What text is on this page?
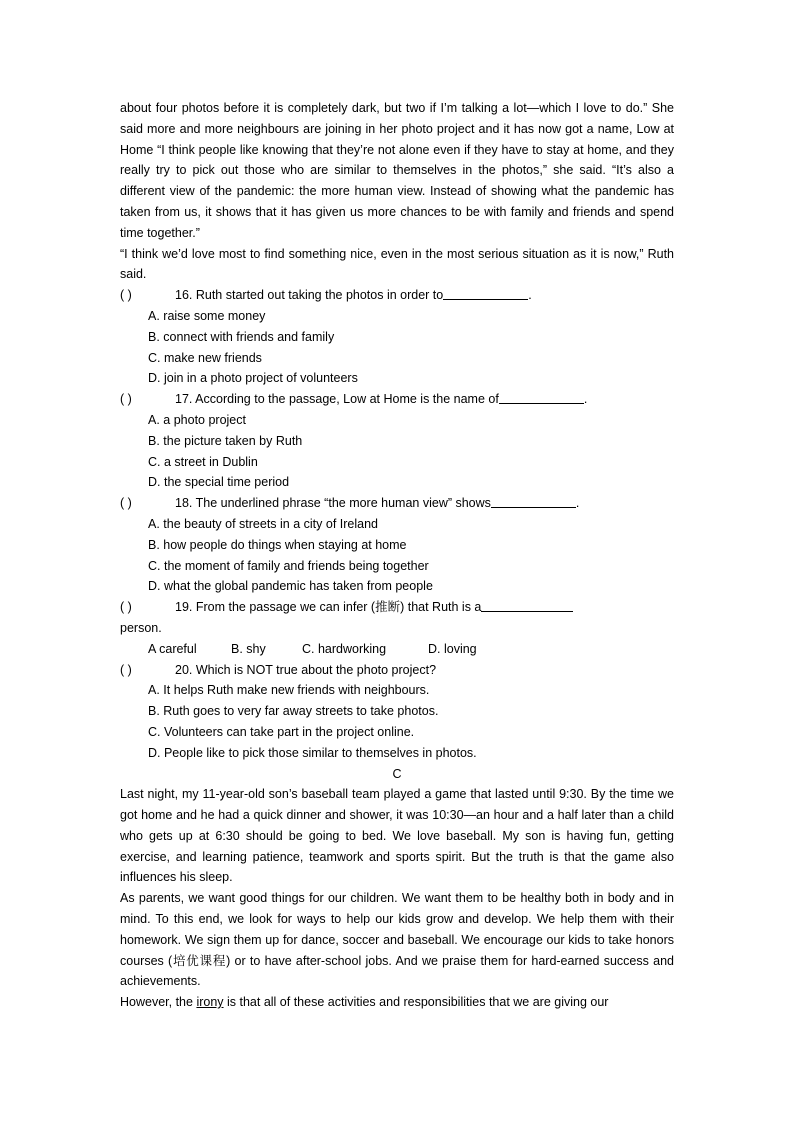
about four photos before it is completely dark, but two if I’m talking a lot—which I love to do.” She said more and more neighbours are joining in her photo project and it has now got a name, Low at Home “I think people like knowing that they’re not alone even if they have to stay at home, and they really try to pick out those who are similar to themselves in the photos,” she said. “It’s also a different view of the pandemic: the more human view. Instead of showing what the pandemic has taken from us, it shows that it has given us more chances to be with family and friends and spend time together.”

“I think we’d love most to find something nice, even in the most serious situation as it is now,” Ruth said.

( )	16. Ruth started out taking the photos in order to	.

A. raise some money

B. connect with friends and family

C. make new friends

D. join in a photo project of volunteers

( )	17. According to the passage, Low at Home is the name of	.

A. a photo project

B. the picture taken by Ruth

C. a street in Dublin

D. the special time period

( )	18. The underlined phrase “the more human view” shows	.

A. the beauty of streets in a city of Ireland

B. how people do things when staying at home

C. the moment of family and friends being together

D. what the global pandemic has taken from people

( )	19. From the passage we can infer (推断) that Ruth is a

person.

A careful	B. shy	C. hardworking	D. loving
( )	20. Which is NOT true about the photo project?

A. It helps Ruth make new friends with neighbours.

B. Ruth goes to very far away streets to take photos.

C. Volunteers can take part in the project online.

D. People like to pick those similar to themselves in photos.

C

Last night, my 11-year-old son’s baseball team played a game that lasted until 9:30. By the time we got home and he had a quick dinner and shower, it was 10:30—an hour and a half later than a child who gets up at 6:30 should be going to bed. We love baseball. My son is having fun, getting exercise, and learning patience, teamwork and sports spirit. But the truth is that the game also influences his sleep.

As parents, we want good things for our children. We want them to be healthy both in body and in mind. To this end, we look for ways to help our kids grow and develop. We help them with their homework. We sign them up for dance, soccer and baseball. We encourage our kids to take honors courses (培优课程) or to have after-school jobs. And we praise them for hard-earned success and achievements.

However, the irony is that all of these activities and responsibilities that we are giving our
